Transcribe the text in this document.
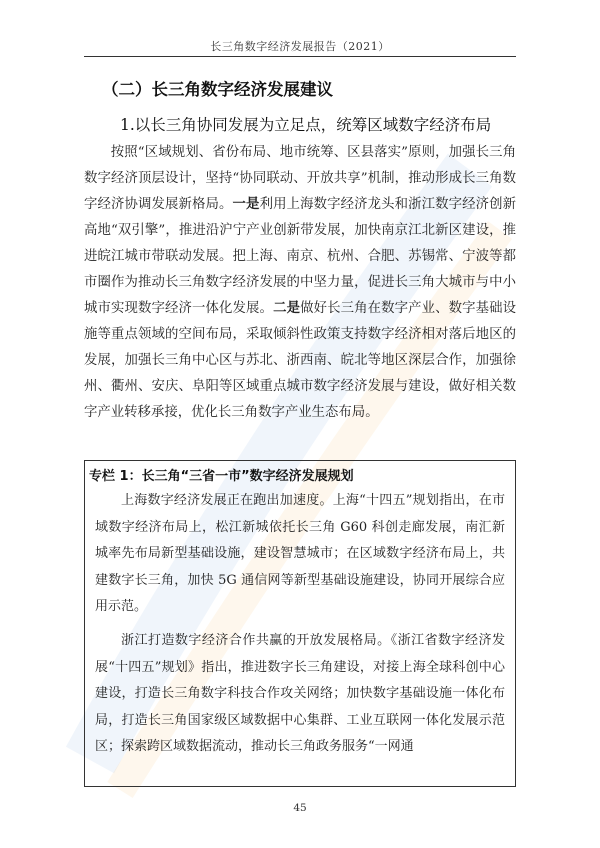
长三角数字经济发展报告（2021）
（二）长三角数字经济发展建议
1.以长三角协同发展为立足点，统筹区域数字经济布局
按照“区域规划、省份布局、地市统筹、区县落实”原则，加强长三角数字经济顶层设计，坚持“协同联动、开放共享”机制，推动形成长三角数字经济协调发展新格局。一是利用上海数字经济龙头和浙江数字经济创新高地“双引擎”，推进沿沪宁产业创新带发展，加快南京江北新区建设，推进皖江城市带联动发展。把上海、南京、杭州、合肥、苏锡常、宁波等都市圈作为推动长三角数字经济发展的中坚力量，促进长三角大城市与中小城市实现数字经济一体化发展。二是做好长三角在数字产业、数字基础设施等重点领域的空间布局，采取倾斜性政策支持数字经济相对落后地区的发展，加强长三角中心区与苏北、浙西南、皖北等地区深层合作，加强徐州、衢州、安庆、阜阳等区域重点城市数字经济发展与建设，做好相关数字产业转移承接，优化长三角数字产业生态布局。
专栏 1：长三角“三省一市”数字经济发展规划
上海数字经济发展正在跑出加速度。上海“十四五”规划指出，在市域数字经济布局上，松江新城依托长三角 G60 科创走廊发展，南汇新城率先布局新型基础设施，建设智慧城市；在区域数字经济布局上，共建数字长三角，加快 5G 通信网等新型基础设施建设，协同开展综合应用示范。
浙江打造数字经济合作共赢的开放发展格局。《浙江省数字经济发展“十四五”规划》指出，推进数字长三角建设，对接上海全球科创中心建设，打造长三角数字科技合作攻关网络；加快数字基础设施一体化布局，打造长三角国家级区域数据中心集群、工业互联网一体化发展示范区；探索跨区域数据流动，推动长三角政务服务“一网通
45
